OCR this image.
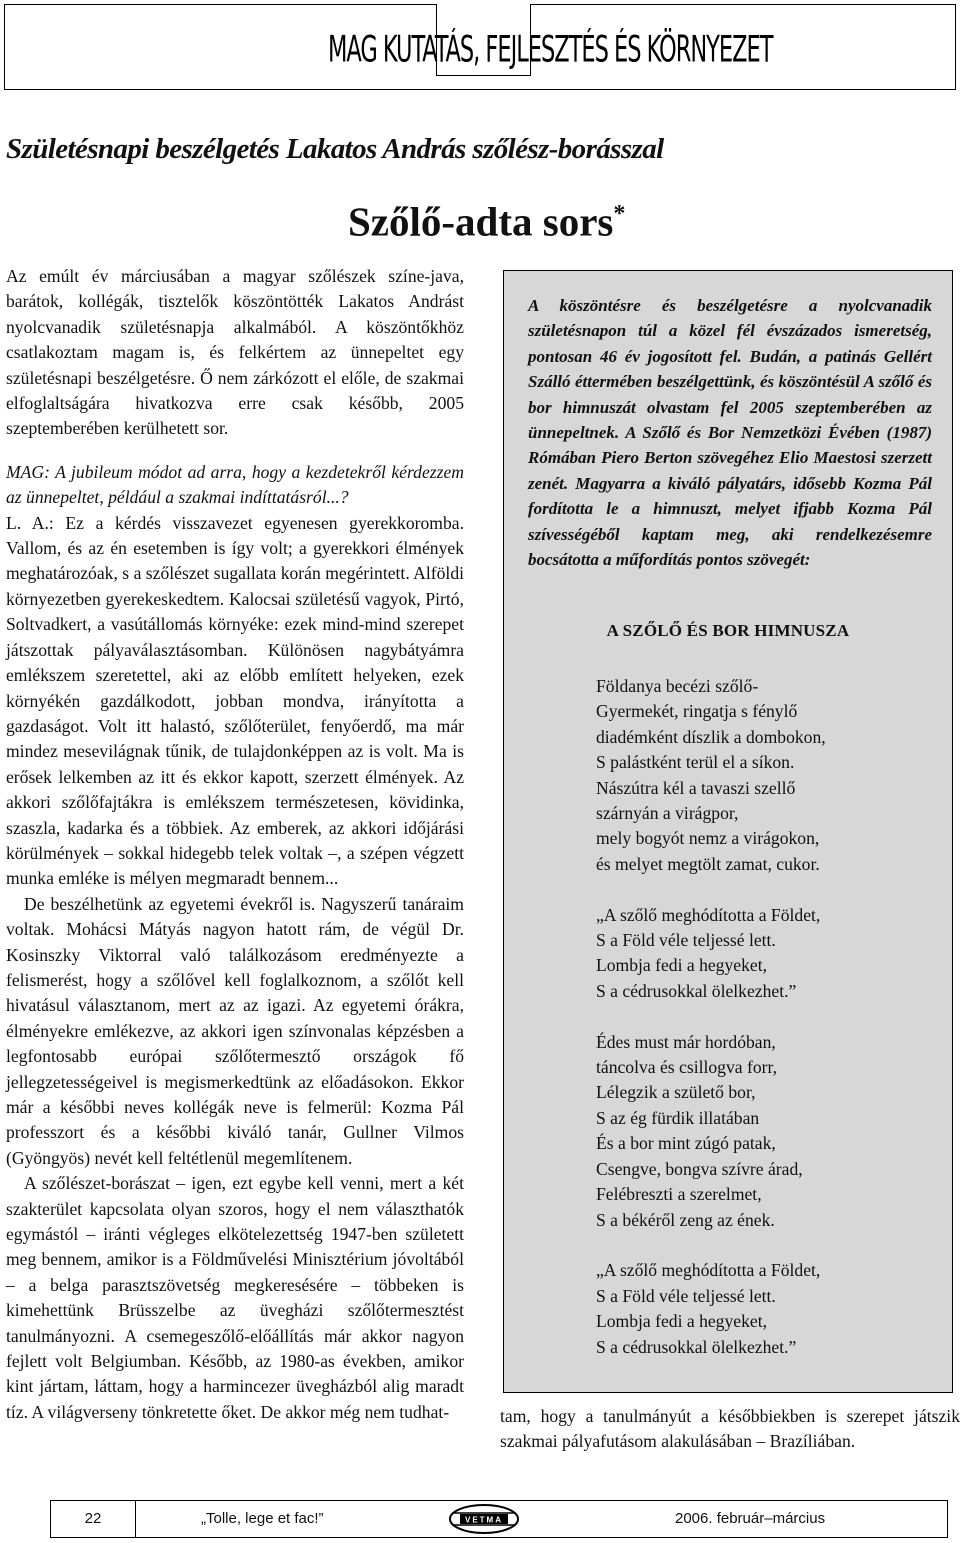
MAG KUTATÁS, FEJLESZTÉS ÉS KÖRNYEZET
Születésnapi beszélgetés Lakatos András szőlész-borásszal
Szőlő-adta sors*

Az emúlt év márciusában a magyar szőlészek színe-java, barátok, kollégák, tisztelők köszöntötték Lakatos Andrást nyolcvanadik születésnapja alkalmából. A köszöntőkhöz csatlakoztam magam is, és felkértem az ünnepeltet egy születésnapi beszélgetésre. Ő nem zárkózott el előle, de szakmai elfoglaltságára hivatkozva erre csak később, 2005 szeptemberében kerülhetett sor.

MAG: A jubileum módot ad arra, hogy a kezdetekről kérdezzem az ünnepeltet, például a szakmai indíttatásról...?

L. A.: Ez a kérdés visszavezet egyenesen gyerekkoromba. Vallom, és az én esetemben is így volt; a gyerekkori élmények meghatározóak, s a szőlészet sugallata korán megérintett. Alföldi környezetben gyerekeskedtem. Kalocsai születésű vagyok, Pirtó, Soltvadkert, a vasútállomás környéke: ezek mind-mind szerepet játszottak pályaválasztásomban. Különösen nagybátyámra emlékszem szeretettel, aki az előbb említett helyeken, ezek környékén gazdálkodott, jobban mondva, irányította a gazdaságot. Volt itt halastó, szőlőterület, fenyőerdő, ma már mindez mesevilágnak tűnik, de tulajdonképpen az is volt. Ma is erősek lelkemben az itt és ekkor kapott, szerzett élmények. Az akkori szőlőfajtákra is emlékszem természetesen, kövidinka, szaszla, kadarka és a többiek. Az emberek, az akkori időjárási körülmények – sokkal hidegebb telek voltak –, a szépen végzett munka emléke is mélyen megmaradt bennem...

De beszélhetünk az egyetemi évekről is. Nagyszerű tanáraim voltak. Mohácsi Mátyás nagyon hatott rám, de végül Dr. Kosinszky Viktorral való találkozásom eredményezte a felismerést, hogy a szőlővel kell foglalkoznom, a szőlőt kell hivatásul választanom, mert az az igazi. Az egyetemi órákra, élményekre emlékezve, az akkori igen színvonalas képzésben a legfontosabb európai szőlőtermesztő országok fő jellegzetességeivel is megismerkedtünk az előadásokon. Ekkor már a későbbi neves kollégák neve is felmerül: Kozma Pál professzort és a későbbi kiváló tanár, Gullner Vilmos (Gyöngyös) nevét kell feltétlenül megemlítenem.

A szőlészet-borászat – igen, ezt egybe kell venni, mert a két szakterület kapcsolata olyan szoros, hogy el nem választhatók egymástól – iránti végleges elkötelezettség 1947-ben született meg bennem, amikor is a Földművelési Minisztérium jóvoltából – a belga parasztszövetség megkeresésére – többeken is kimehettünk Brüsszelbe az üvegházi szőlőtermesztést tanulmányozni. A csemegeszőlő-előállítás már akkor nagyon fejlett volt Belgiumban. Később, az 1980-as években, amikor kint jártam, láttam, hogy a harmincezer üvegházból alig maradt tíz. A világverseny tönkretette őket. De akkor még nem tudhat-

A köszöntésre és beszélgetésre a nyolcvanadik születésnapon túl a közel fél évszázados ismeretség, pontosan 46 év jogosított fel. Budán, a patinás Gellért Szálló éttermében beszélgettünk, és köszöntésül A szőlő és bor himnuszát olvastam fel 2005 szeptemberében az ünnepeltnek. A Szőlő és Bor Nemzetközi Évében (1987) Rómában Piero Berton szövegéhez Elio Maestosi szerzett zenét. Magyarra a kiváló pályatárs, idősebb Kozma Pál fordította le a himnuszt, melyet ifjabb Kozma Pál szívességéből kaptam meg, aki rendelkezésemre bocsátotta a műfordítás pontos szövegét:
A SZŐLŐ ÉS BOR HIMNUSZA
Földanya becézi szőlő-
Gyermekét, ringatja s fénylő
diadémként díszlik a dombokon,
S palástként terül el a síkon.
Nászútra kél a tavaszi szellő
szárnyán a virágpor,
mely bogyót nemz a virágokon,
és melyet megtölt zamat, cukor.
„A szőlő meghódította a Földet,
S a Föld véle teljessé lett.
Lombja fedi a hegyeket,
S a cédrusokkal ölelkezhet.”
Édes must már hordóban,
táncolva és csillogva forr,
Lélegzik a születő bor,
S az ég fürdik illatában
És a bor mint zúgó patak,
Csengve, bongva szívre árad,
Felébreszti a szerelmet,
S a békéről zeng az ének.
„A szőlő meghódította a Földet,
S a Föld véle teljessé lett.
Lombja fedi a hegyeket,
S a cédrusokkal ölelkezhet.”

tam, hogy a tanulmányút a későbbiekben is szerepet játszik szakmai pályafutásom alakulásában – Brazíliában.

22	„Tolle, lege et fac!”	VETMA	2006. február–március
